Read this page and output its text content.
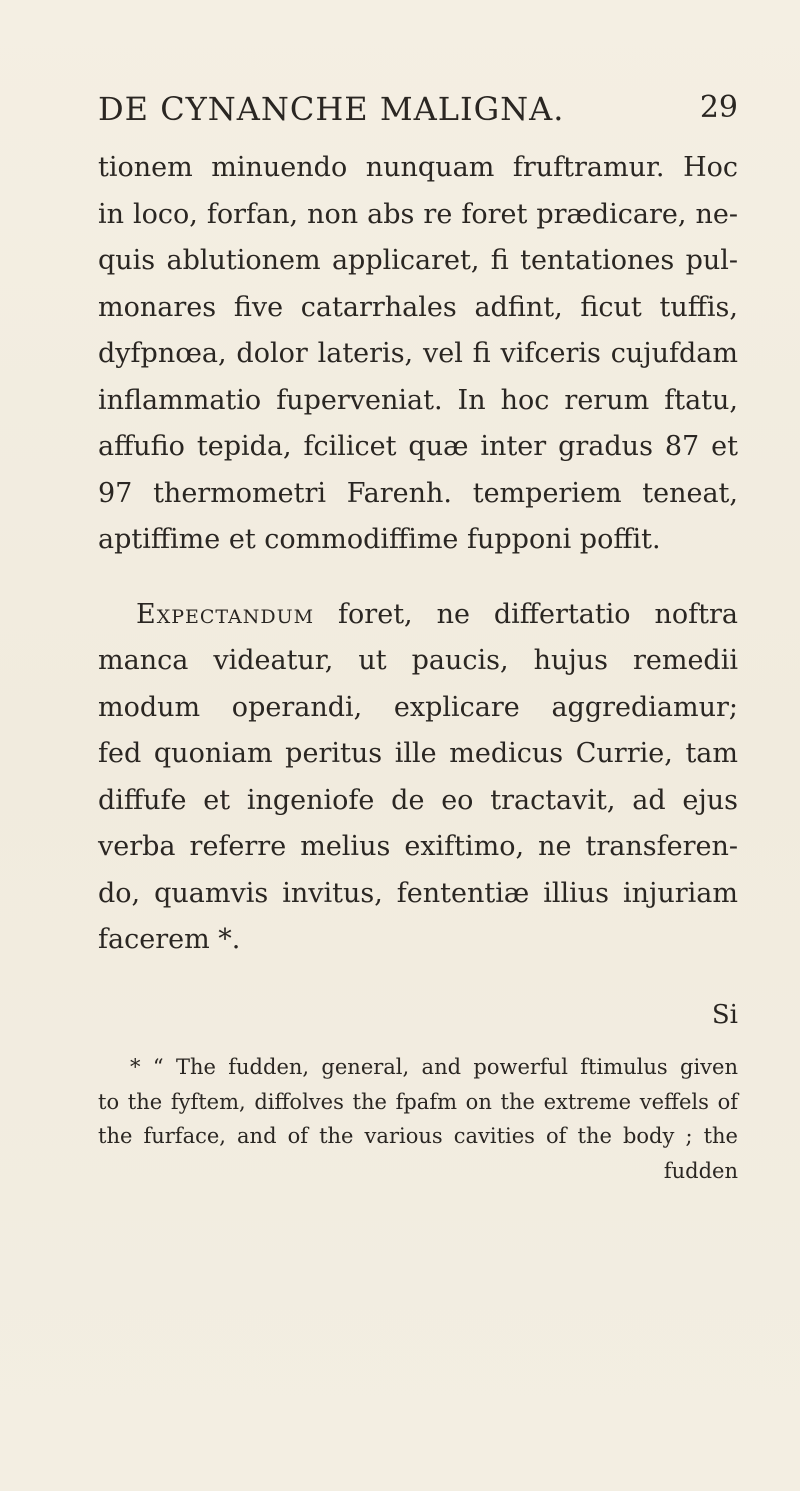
DE CYNANCHE MALIGNA.	29
tionem minuendo nunquam fruftramur. Hoc
in loco, forfan, non abs re foret prædicare, ne-
quis ablutionem applicaret, fi tentationes pul-
monares five catarrhales adfint, ficut tuffis,
dyfpnœa, dolor lateris, vel fi vifceris cujufdam
inflammatio fuperveniat. In hoc rerum ftatu,
affufio tepida, fcilicet quæ inter gradus 87 et
97 thermometri Farenh. temperiem teneat,
aptiffime et commodiffime fupponi poffit.
Expectandum foret, ne differtatio noftra
manca videatur, ut paucis, hujus remedii
modum operandi, explicare aggrediamur;
fed quoniam peritus ille medicus Currie, tam
diffufe et ingeniofe de eo tractavit, ad ejus
verba referre melius exiftimo, ne transferen-
do, quamvis invitus, fententiæ illius injuriam
facerem *.
Si
* “ The fudden, general, and powerful ftimulus given
to the fyftem, diffolves the fpafm on the extreme veffels of
the furface, and of the various cavities of the body ; the
fudden
